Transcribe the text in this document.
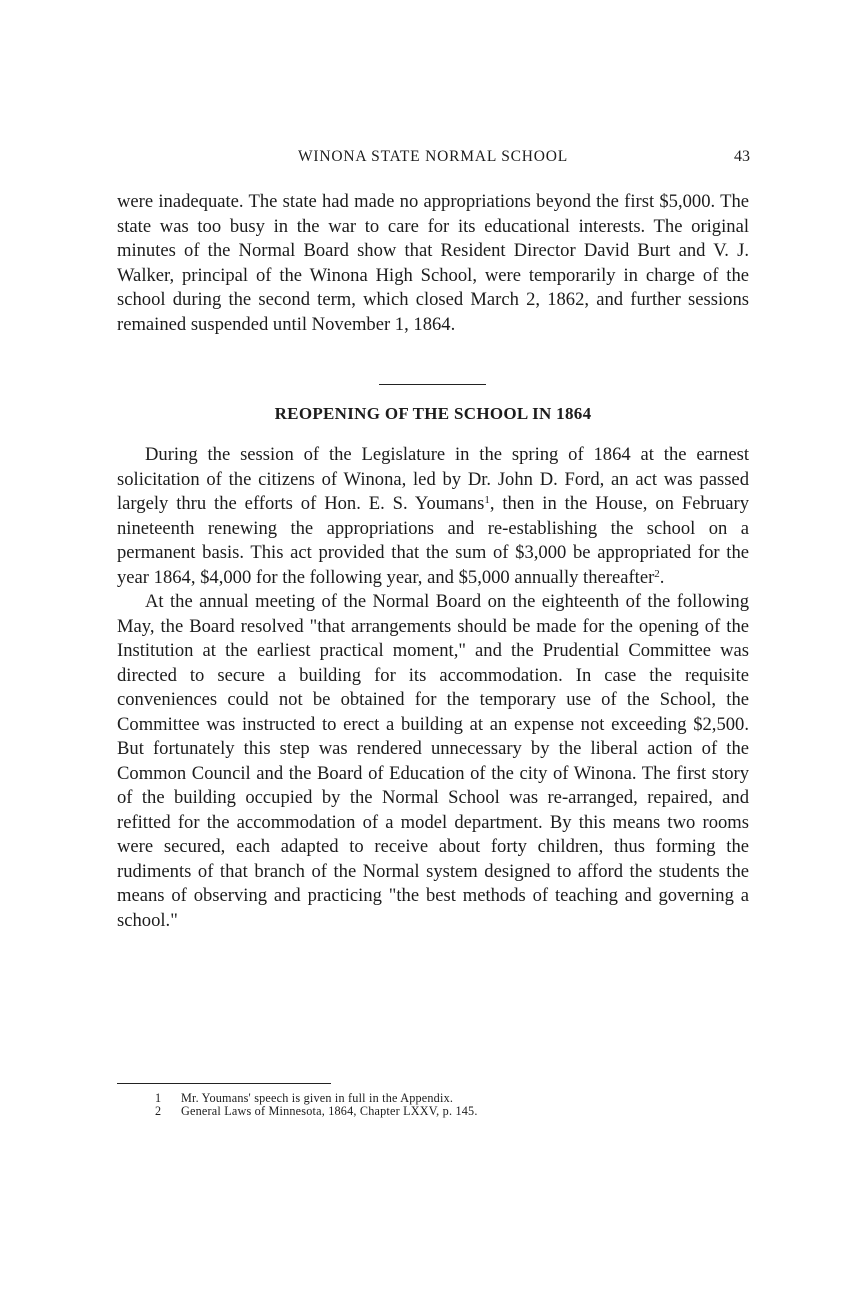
WINONA STATE NORMAL SCHOOL	43

were inadequate. The state had made no appropriations beyond the first $5,000. The state was too busy in the war to care for its educational interests. The original minutes of the Normal Board show that Resident Director David Burt and V. J. Walker, principal of the Winona High School, were temporarily in charge of the school during the second term, which closed March 2, 1862, and further sessions remained suspended until November 1, 1864.

REOPENING OF THE SCHOOL IN 1864

During the session of the Legislature in the spring of 1864 at the earnest solicitation of the citizens of Winona, led by Dr. John D. Ford, an act was passed largely thru the efforts of Hon. E. S. Youmans$^1$, then in the House, on February nineteenth renewing the appropriations and re-establishing the school on a permanent basis. This act provided that the sum of $3,000 be appropriated for the year 1864, $4,000 for the following year, and $5,000 annually thereafter$^2$.

At the annual meeting of the Normal Board on the eighteenth of the following May, the Board resolved "that arrangements should be made for the opening of the Institution at the earliest practical moment," and the Prudential Committee was directed to secure a building for its accommodation. In case the requisite conveniences could not be obtained for the temporary use of the School, the Committee was instructed to erect a building at an expense not exceeding $2,500. But fortunately this step was rendered unnecessary by the liberal action of the Common Council and the Board of Education of the city of Winona. The first story of the building occupied by the Normal School was re-arranged, repaired, and refitted for the accommodation of a model department. By this means two rooms were secured, each adapted to receive about forty children, thus forming the rudiments of that branch of the Normal system designed to afford the students the means of observing and practicing "the best methods of teaching and governing a school."

1 Mr. Youmans' speech is given in full in the Appendix.
2 General Laws of Minnesota, 1864, Chapter LXXV, p. 145.
